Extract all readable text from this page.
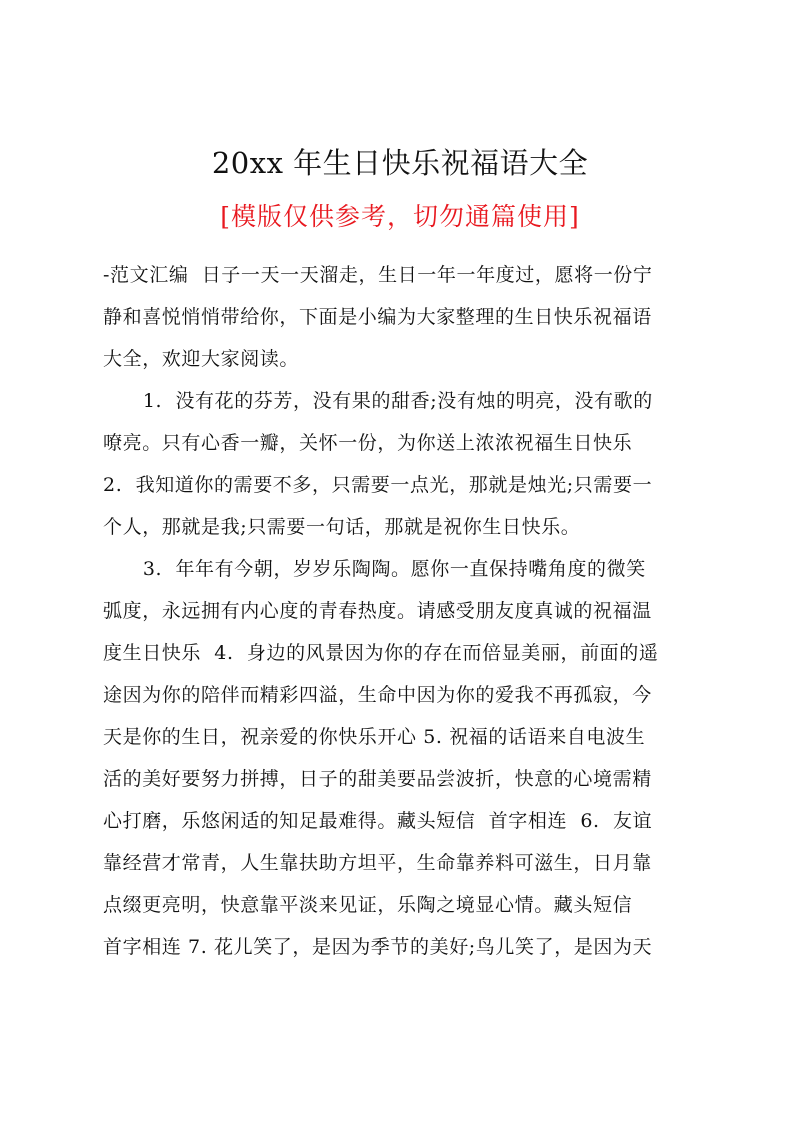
20xx 年生日快乐祝福语大全
[模版仅供参考，切勿通篇使用]
-范文汇编  日子一天一天溜走，生日一年一年度过，愿将一份宁
静和喜悦悄悄带给你，下面是小编为大家整理的生日快乐祝福语
大全，欢迎大家阅读。
1.  没有花的芬芳，没有果的甜香;没有烛的明亮，没有歌的
嘹亮。只有心香一瓣，关怀一份，为你送上浓浓祝福生日快乐
2.  我知道你的需要不多，只需要一点光，那就是烛光;只需要一
个人，那就是我;只需要一句话，那就是祝你生日快乐。
3.  年年有今朝，岁岁乐陶陶。愿你一直保持嘴角度的微笑
弧度，永远拥有内心度的青春热度。请感受朋友度真诚的祝福温
度生日快乐  4.  身边的风景因为你的存在而倍显美丽，前面的遥
途因为你的陪伴而精彩四溢，生命中因为你的爱我不再孤寂，今
天是你的生日，祝亲爱的你快乐开心 5. 祝福的话语来自电波生
活的美好要努力拼搏，日子的甜美要品尝波折，快意的心境需精
心打磨，乐悠闲适的知足最难得。藏头短信  首字相连  6.  友谊
靠经营才常青，人生靠扶助方坦平，生命靠养料可滋生，日月靠
点缀更亮明，快意靠平淡来见证，乐陶之境显心情。藏头短信
首字相连 7. 花儿笑了，是因为季节的美好;鸟儿笑了，是因为天
